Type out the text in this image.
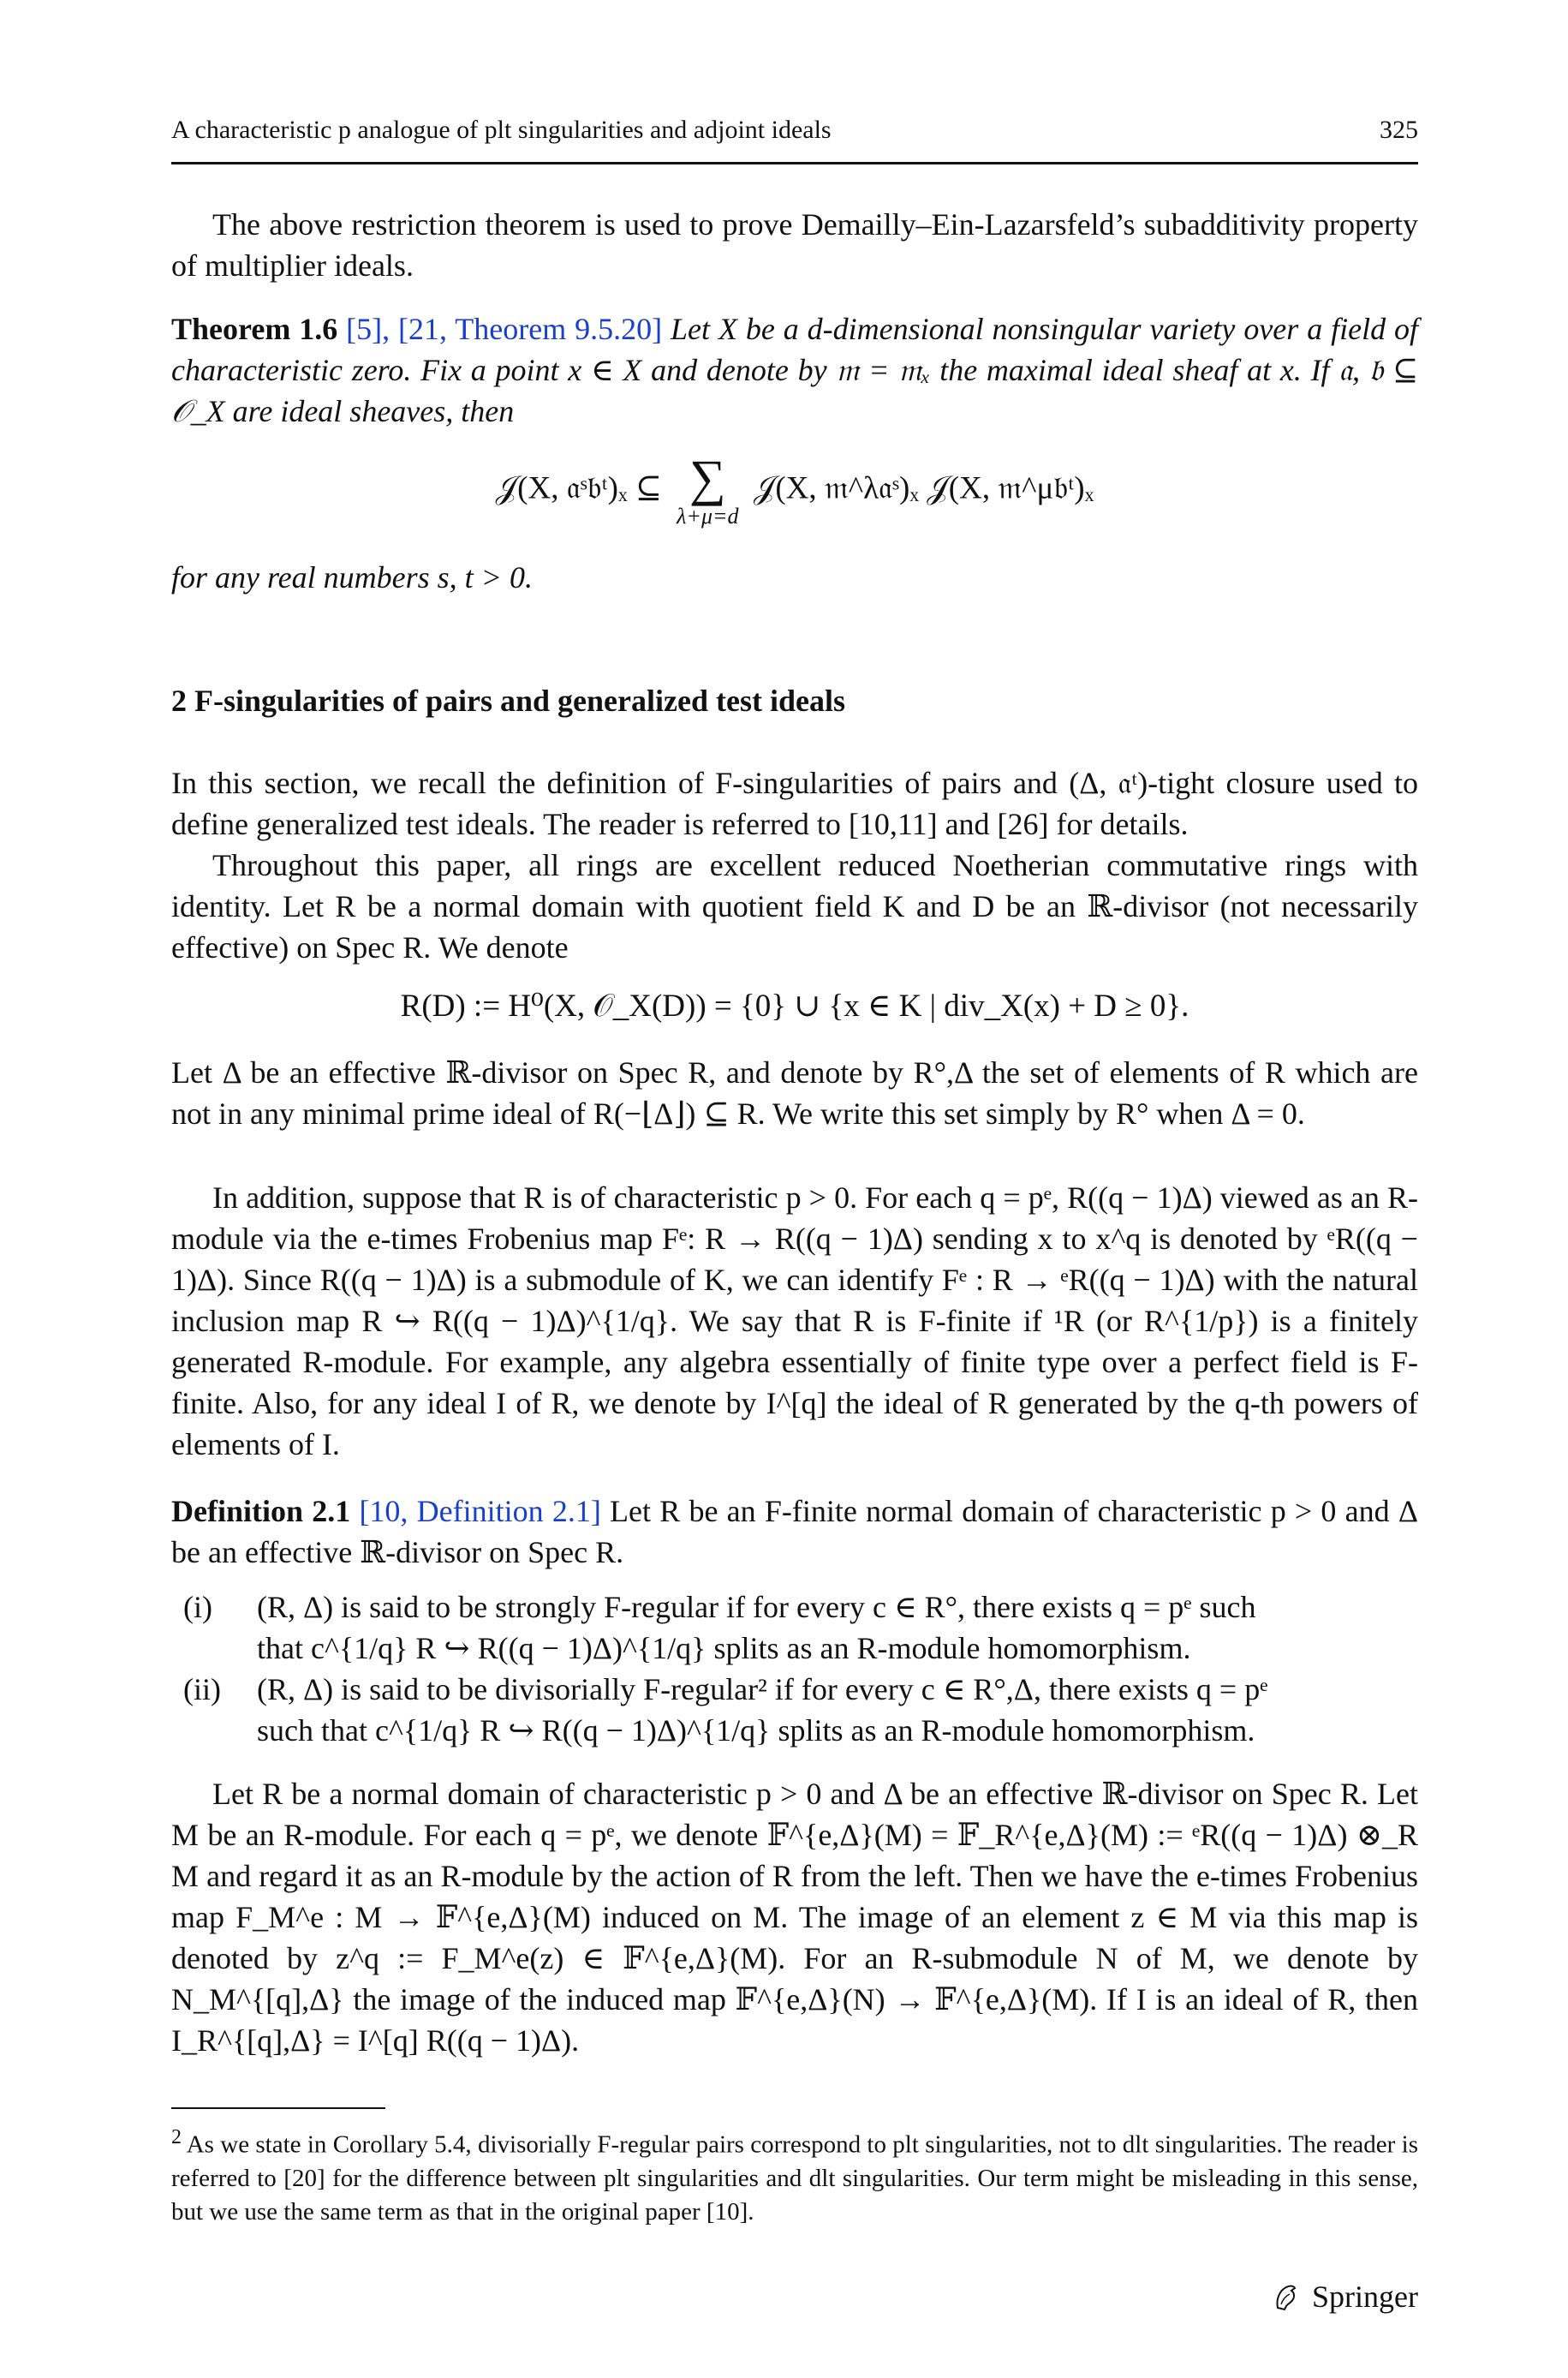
A characteristic p analogue of plt singularities and adjoint ideals	325
The above restriction theorem is used to prove Demailly–Ein-Lazarsfeld’s subadditivity property of multiplier ideals.
Theorem 1.6 [5], [21, Theorem 9.5.20] Let X be a d-dimensional nonsingular variety over a field of characteristic zero. Fix a point x ∈ X and denote by 𝔪 = 𝔪ₓ the maximal ideal sheaf at x. If 𝔞, 𝔟 ⊆ 𝒪_X are ideal sheaves, then
𝒥(X, 𝔞ˢ𝔟ᵗ)ₓ ⊆ ∑
λ+μ=d
𝒥(X, 𝔪^λ𝔞ˢ)ₓ 𝒥(X, 𝔪^μ𝔟ᵗ)ₓ
for any real numbers s, t > 0.
2 F-singularities of pairs and generalized test ideals
In this section, we recall the definition of F-singularities of pairs and (Δ, 𝔞ᵗ)-tight closure used to define generalized test ideals. The reader is referred to [10,11] and [26] for details.
Throughout this paper, all rings are excellent reduced Noetherian commutative rings with identity. Let R be a normal domain with quotient field K and D be an ℝ-divisor (not necessarily effective) on Spec R. We denote
R(D) := H⁰(X, 𝒪_X(D)) = {0} ∪ {x ∈ K | div_X(x) + D ≥ 0}.
Let Δ be an effective ℝ-divisor on Spec R, and denote by R°,Δ the set of elements of R which are not in any minimal prime ideal of R(−⌊Δ⌋) ⊆ R. We write this set simply by R° when Δ = 0.
In addition, suppose that R is of characteristic p > 0. For each q = pᵉ, R((q − 1)Δ) viewed as an R-module via the e-times Frobenius map Fᵉ: R → R((q − 1)Δ) sending x to x^q is denoted by ᵉR((q − 1)Δ). Since R((q − 1)Δ) is a submodule of K, we can identify Fᵉ : R → ᵉR((q − 1)Δ) with the natural inclusion map R ↪ R((q − 1)Δ)^{1/q}. We say that R is F-finite if ¹R (or R^{1/p}) is a finitely generated R-module. For example, any algebra essentially of finite type over a perfect field is F-finite. Also, for any ideal I of R, we denote by I^[q] the ideal of R generated by the q-th powers of elements of I.
Definition 2.1 [10, Definition 2.1] Let R be an F-finite normal domain of characteristic p > 0 and Δ be an effective ℝ-divisor on Spec R.
(i) (R, Δ) is said to be strongly F-regular if for every c ∈ R°, there exists q = pᵉ such
that c^{1/q} R ↪ R((q − 1)Δ)^{1/q} splits as an R-module homomorphism.
(ii) (R, Δ) is said to be divisorially F-regular² if for every c ∈ R°,Δ, there exists q = pᵉ
such that c^{1/q} R ↪ R((q − 1)Δ)^{1/q} splits as an R-module homomorphism.
Let R be a normal domain of characteristic p > 0 and Δ be an effective ℝ-divisor on Spec R. Let M be an R-module. For each q = pᵉ, we denote 𝔽^{e,Δ}(M) = 𝔽_R^{e,Δ}(M) := ᵉR((q − 1)Δ) ⊗_R M and regard it as an R-module by the action of R from the left. Then we have the e-times Frobenius map F_M^e : M → 𝔽^{e,Δ}(M) induced on M. The image of an element z ∈ M via this map is denoted by z^q := F_M^e(z) ∈ 𝔽^{e,Δ}(M). For an R-submodule N of M, we denote by N_M^{[q],Δ} the image of the induced map 𝔽^{e,Δ}(N) → 𝔽^{e,Δ}(M). If I is an ideal of R, then I_R^{[q],Δ} = I^[q] R((q − 1)Δ).
$^2$ As we state in Corollary 5.4, divisorially F-regular pairs correspond to plt singularities, not to dlt singularities. The reader is referred to [20] for the difference between plt singularities and dlt singularities. Our term might be misleading in this sense, but we use the same term as that in the original paper [10].
Springer
